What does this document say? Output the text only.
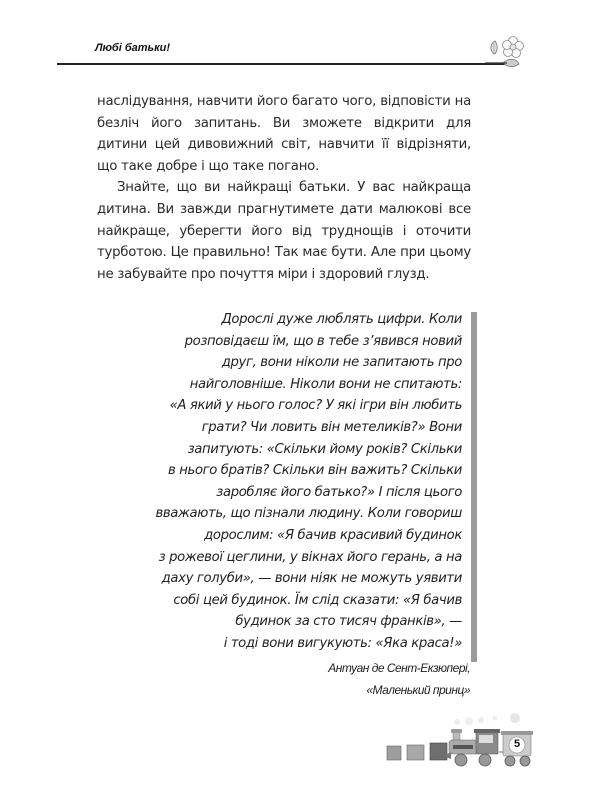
Любі батьки!

наслідування, навчити його багато чого, відповісти на безліч його запитань. Ви зможете відкрити для дитини цей дивовижний світ, навчити її відрізняти, що таке добре і що таке погано.

Знайте, що ви найкращі батьки. У вас найкраща дитина. Ви завжди прагнутимете дати малюкові все найкраще, уберегти його від труднощів і оточити турботою. Це правильно! Так має бути. Але при цьому не забувайте про почуття міри і здоровий глузд.

Дорослі дуже люблять цифри. Коли
розповідаєш їм, що в тебе з’явився новий
друг, вони ніколи не запитають про
найголовніше. Ніколи вони не спитають:
«А який у нього голос? У які ігри він любить
грати? Чи ловить він метеликів?» Вони
запитують: «Скільки йому років? Скільки
в нього братів? Скільки він важить? Скільки
заробляє його батько?» І після цього
вважають, що пізнали людину. Коли говориш
дорослим: «Я бачив красивий будинок
з рожевої цеглини, у вікнах його герань, а на
даху голуби», — вони ніяк не можуть уявити
собі цей будинок. Їм слід сказати: «Я бачив
будинок за сто тисяч франків», —
і тоді вони вигукують: «Яка краса!»
Антуан де Сент-Екзюпері,
«Маленький принц»
5
